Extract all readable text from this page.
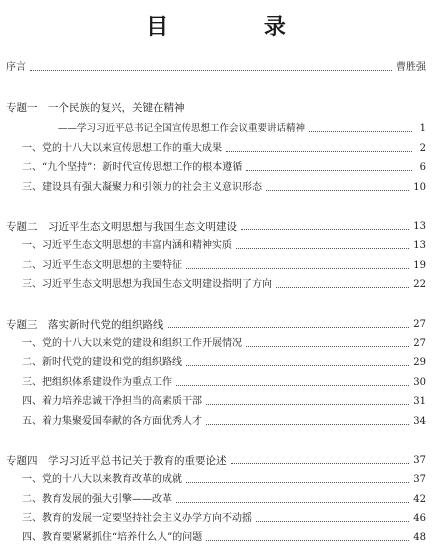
目 录
序言	曹胜强
专题一　一个民族的复兴，关键在精神
——学习习近平总书记全国宣传思想工作会议重要讲话精神	1
一、党的十八大以来宣传思想工作的重大成果	2
二、“九个坚持”：新时代宣传思想工作的根本遵循	6
三、建设具有强大凝聚力和引领力的社会主义意识形态	10
专题二　习近平生态文明思想与我国生态文明建设	13
一、习近平生态文明思想的丰富内涵和精神实质	13
二、习近平生态文明思想的主要特征	19
三、习近平生态文明思想为我国生态文明建设指明了方向	22
专题三　落实新时代党的组织路线	27
一、党的十八大以来党的建设和组织工作开展情况	27
二、新时代党的建设和党的组织路线	29
三、把组织体系建设作为重点工作	30
四、着力培养忠诚干净担当的高素质干部	31
五、着力集聚爱国奉献的各方面优秀人才	34
专题四　学习习近平总书记关于教育的重要论述	37
一、党的十八大以来教育改革的成就	37
二、教育发展的强大引擎——改革	42
三、教育的发展一定要坚持社会主义办学方向不动摇	46
四、教育要紧紧抓住“培养什么人”的问题	48
